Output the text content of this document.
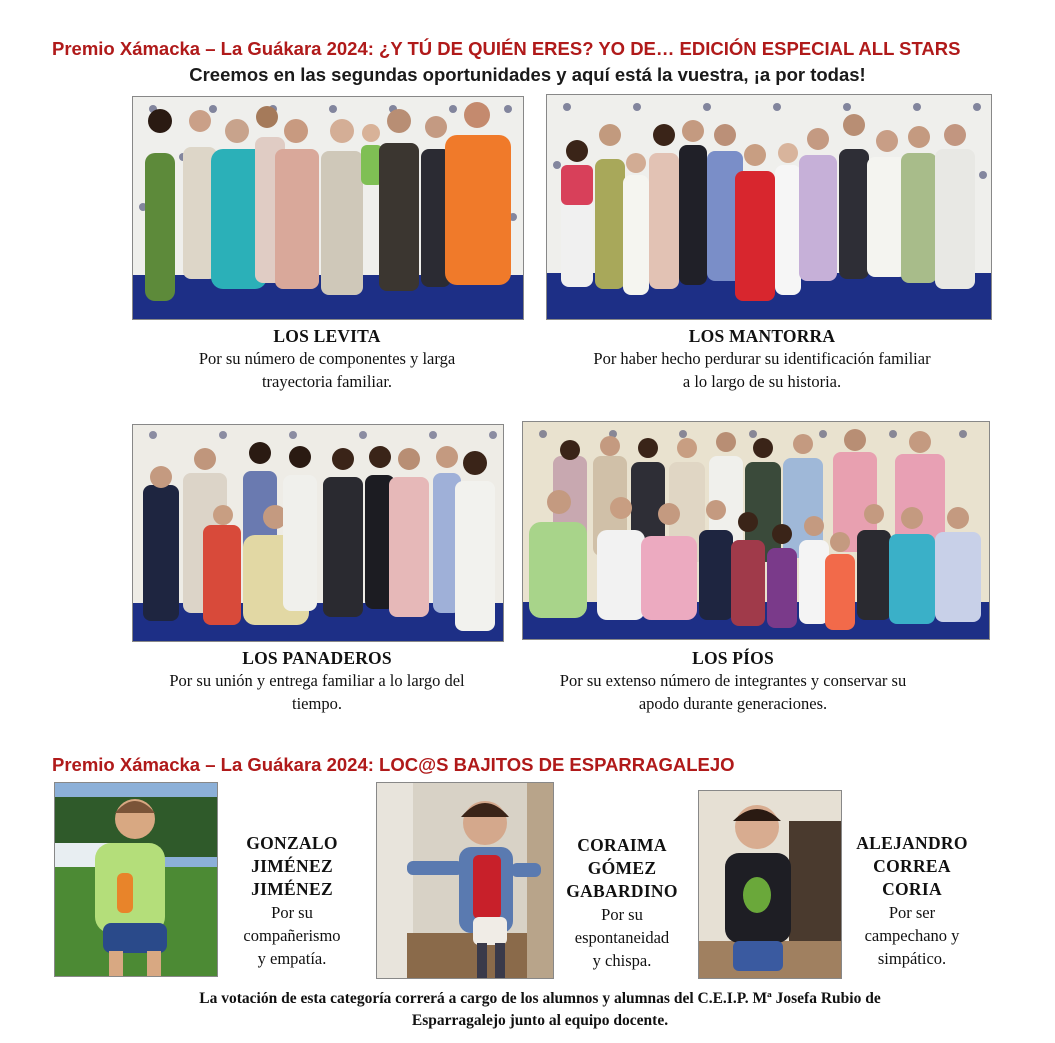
Premio Xámacka – La Guákara 2024: ¿Y TÚ DE QUIÉN ERES? YO DE… EDICIÓN ESPECIAL ALL STARS
Creemos en las segundas oportunidades y aquí está la vuestra, ¡a por todas!
LOS LEVITA
Por su número de componentes y larga
trayectoria familiar.
LOS MANTORRA
Por haber hecho perdurar su identificación familiar
a lo largo de su historia.
LOS PANADEROS
Por su unión y entrega familiar a lo largo del
tiempo.
LOS PÍOS
Por su extenso número de integrantes y conservar su
apodo durante generaciones.
Premio Xámacka – La Guákara 2024: LOC@S BAJITOS DE ESPARRAGALEJO
GONZALO
JIMÉNEZ
JIMÉNEZ
Por su
compañerismo
y empatía.
CORAIMA
GÓMEZ
GABARDINO
Por su
espontaneidad
y chispa.
ALEJANDRO
CORREA
CORIA
Por ser
campechano y
simpático.
La votación de esta categoría correrá a cargo de los alumnos y alumnas del C.E.I.P. Mª Josefa Rubio de
Esparragalejo junto al equipo docente.
